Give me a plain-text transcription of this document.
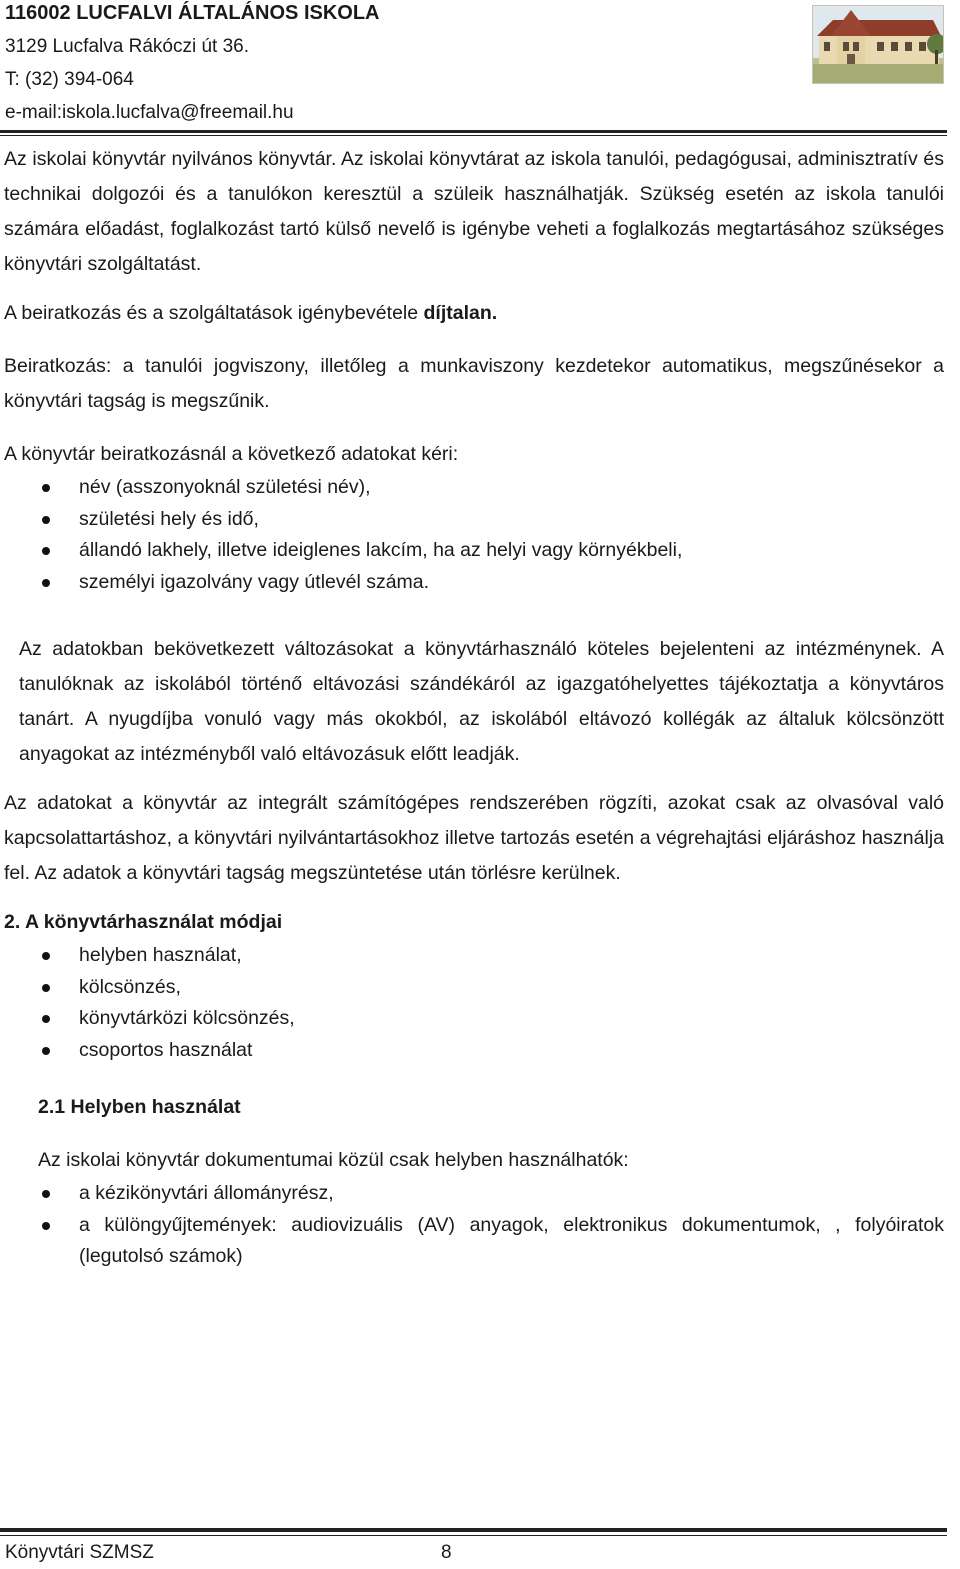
116002 LUCFALVI ÁLTALÁNOS ISKOLA
3129 Lucfalva Rákóczi út 36.
T: (32) 394-064
e-mail:iskola.lucfalva@freemail.hu

Az iskolai könyvtár nyilvános könyvtár. Az iskolai könyvtárat az iskola tanulói, pedagógusai, adminisztratív és technikai dolgozói és a tanulókon keresztül a szüleik használhatják. Szükség esetén az iskola tanulói számára előadást, foglalkozást tartó külső nevelő is igénybe veheti a foglalkozás megtartásához szükséges könyvtári szolgáltatást.

A beiratkozás és a szolgáltatások igénybevétele díjtalan.

Beiratkozás: a tanulói jogviszony, illetőleg a munkaviszony kezdetekor automatikus, megszűnésekor a könyvtári tagság is megszűnik.

A könyvtár beiratkozásnál a következő adatokat kéri:

név (asszonyoknál születési név),
születési hely és idő,
állandó lakhely, illetve ideiglenes lakcím, ha az helyi vagy környékbeli,
személyi igazolvány vagy útlevél száma.

Az adatokban bekövetkezett változásokat a könyvtárhasználó köteles bejelenteni az intézménynek. A tanulóknak az iskolából történő eltávozási szándékáról az igazgatóhelyettes tájékoztatja a könyvtáros tanárt. A nyugdíjba vonuló vagy más okokból, az iskolából eltávozó kollégák az általuk kölcsönzött anyagokat az intézményből való eltávozásuk előtt leadják.

Az adatokat a könyvtár az integrált számítógépes rendszerében rögzíti, azokat csak az olvasóval való kapcsolattartáshoz, a könyvtári nyilvántartásokhoz illetve tartozás esetén a végrehajtási eljáráshoz használja fel. Az adatok a könyvtári tagság megszüntetése után törlésre kerülnek.

2. A könyvtárhasználat módjai

helyben használat,
kölcsönzés,
könyvtárközi kölcsönzés,
csoportos használat

2.1 Helyben használat

Az iskolai könyvtár dokumentumai közül csak helyben használhatók:

a kézikönyvtári állományrész,
a különgyűjtemények: audiovizuális (AV) anyagok, elektronikus dokumentumok, , folyóiratok (legutolsó számok)
Könyvtári SZMSZ	8
